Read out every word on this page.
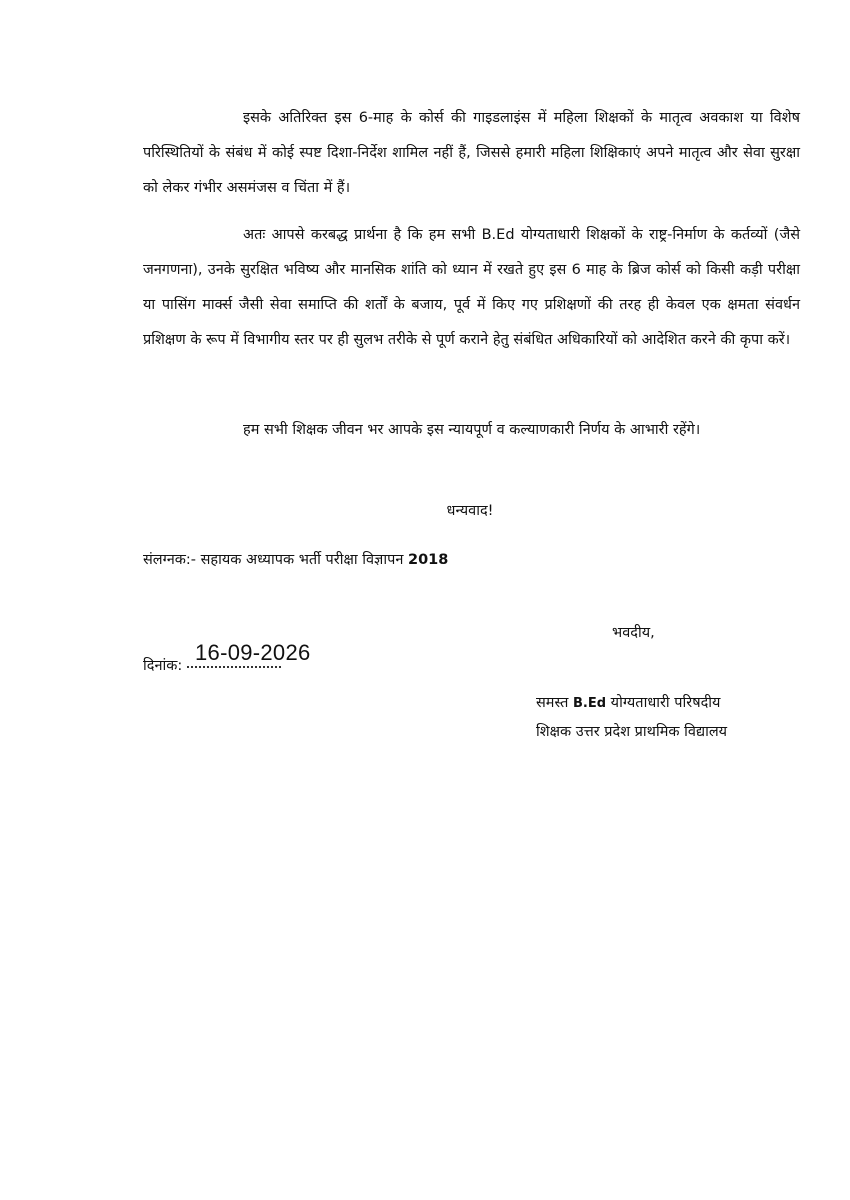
इसके अतिरिक्त इस 6-माह के कोर्स की गाइडलाइंस में महिला शिक्षकों के मातृत्व अवकाश या विशेष परिस्थितियों के संबंध में कोई स्पष्ट दिशा-निर्देश शामिल नहीं हैं, जिससे हमारी महिला शिक्षिकाएं अपने मातृत्व और सेवा सुरक्षा को लेकर गंभीर असमंजस व चिंता में हैं।

अतः आपसे करबद्ध प्रार्थना है कि हम सभी B.Ed योग्यताधारी शिक्षकों के राष्ट्र-निर्माण के कर्तव्यों (जैसे जनगणना), उनके सुरक्षित भविष्य और मानसिक शांति को ध्यान में रखते हुए इस 6 माह के ब्रिज कोर्स को किसी कड़ी परीक्षा या पासिंग मार्क्स जैसी सेवा समाप्ति की शर्तों के बजाय, पूर्व में किए गए प्रशिक्षणों की तरह ही केवल एक क्षमता संवर्धन प्रशिक्षण के रूप में विभागीय स्तर पर ही सुलभ तरीके से पूर्ण कराने हेतु संबंधित अधिकारियों को आदेशित करने की कृपा करें।

हम सभी शिक्षक जीवन भर आपके इस न्यायपूर्ण व कल्याणकारी निर्णय के आभारी रहेंगे।

धन्यवाद!
संलग्नक:- सहायक अध्यापक भर्ती परीक्षा विज्ञापन 2018
भवदीय,
दिनांक:
16-09-2026
समस्त B.Ed योग्यताधारी परिषदीय
शिक्षक उत्तर प्रदेश प्राथमिक विद्यालय
